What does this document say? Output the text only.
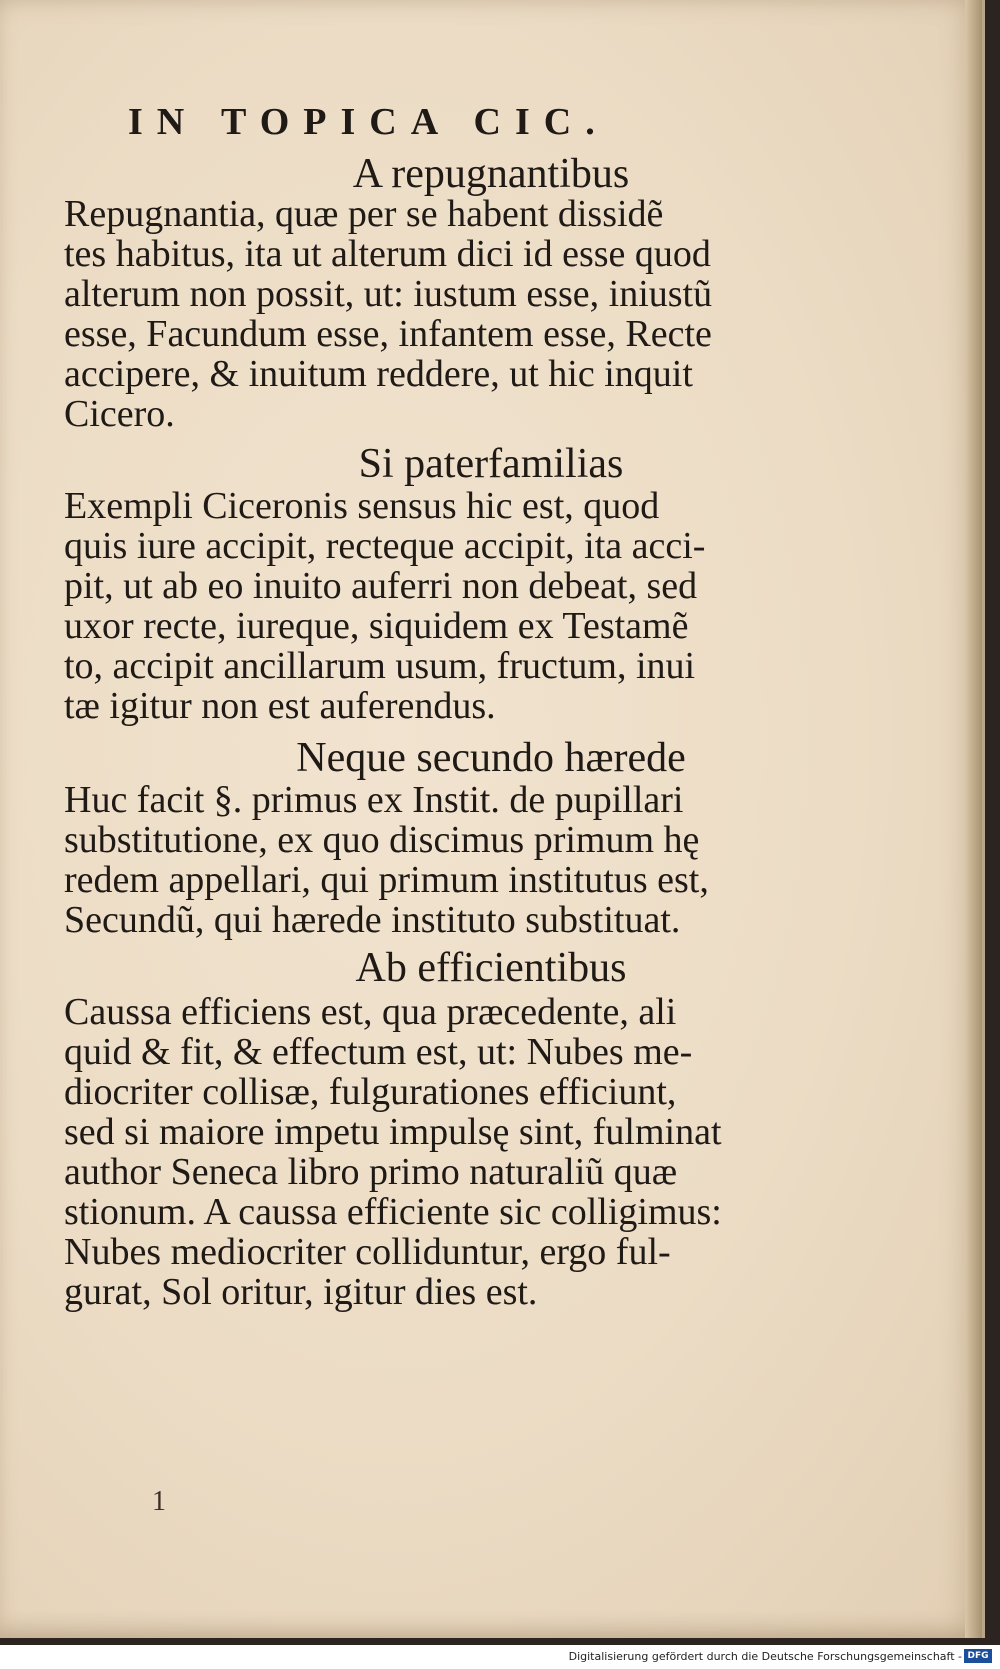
IN TOPICA CIC.
A repugnantibus
Repugnantia, quæ per se habent dissidẽ
tes habitus, ita ut alterum dici id esse quod
alterum non possit, ut: iustum esse, iniustũ
esse, Facundum esse, infantem esse, Recte
accipere, & inuitum reddere, ut hic inquit
Cicero.
Si paterfamilias
Exempli Ciceronis sensus hic est, quod
quis iure accipit, recteque accipit, ita acci-
pit, ut ab eo inuito auferri non debeat, sed
uxor recte, iureque, siquidem ex Testamẽ
to, accipit ancillarum usum, fructum, inui
tæ igitur non est auferendus.
Neque secundo hærede
Huc facit §. primus ex Instit. de pupillari
substitutione, ex quo discimus primum hę
redem appellari, qui primum institutus est,
Secundũ, qui hærede instituto substituat.
Ab efficientibus
Caussa efficiens est, qua præcedente, ali
quid & fit, & effectum est, ut: Nubes me-
diocriter collisæ, fulgurationes efficiunt,
sed si maiore impetu impulsę sint, fulminat
author Seneca libro primo naturaliũ quæ
stionum. A caussa efficiente sic colligimus:
Nubes mediocriter colliduntur, ergo ful-
gurat, Sol oritur, igitur dies est.
1
Digitalisierung gefördert durch die Deutsche Forschungsgemeinschaft - DFG
